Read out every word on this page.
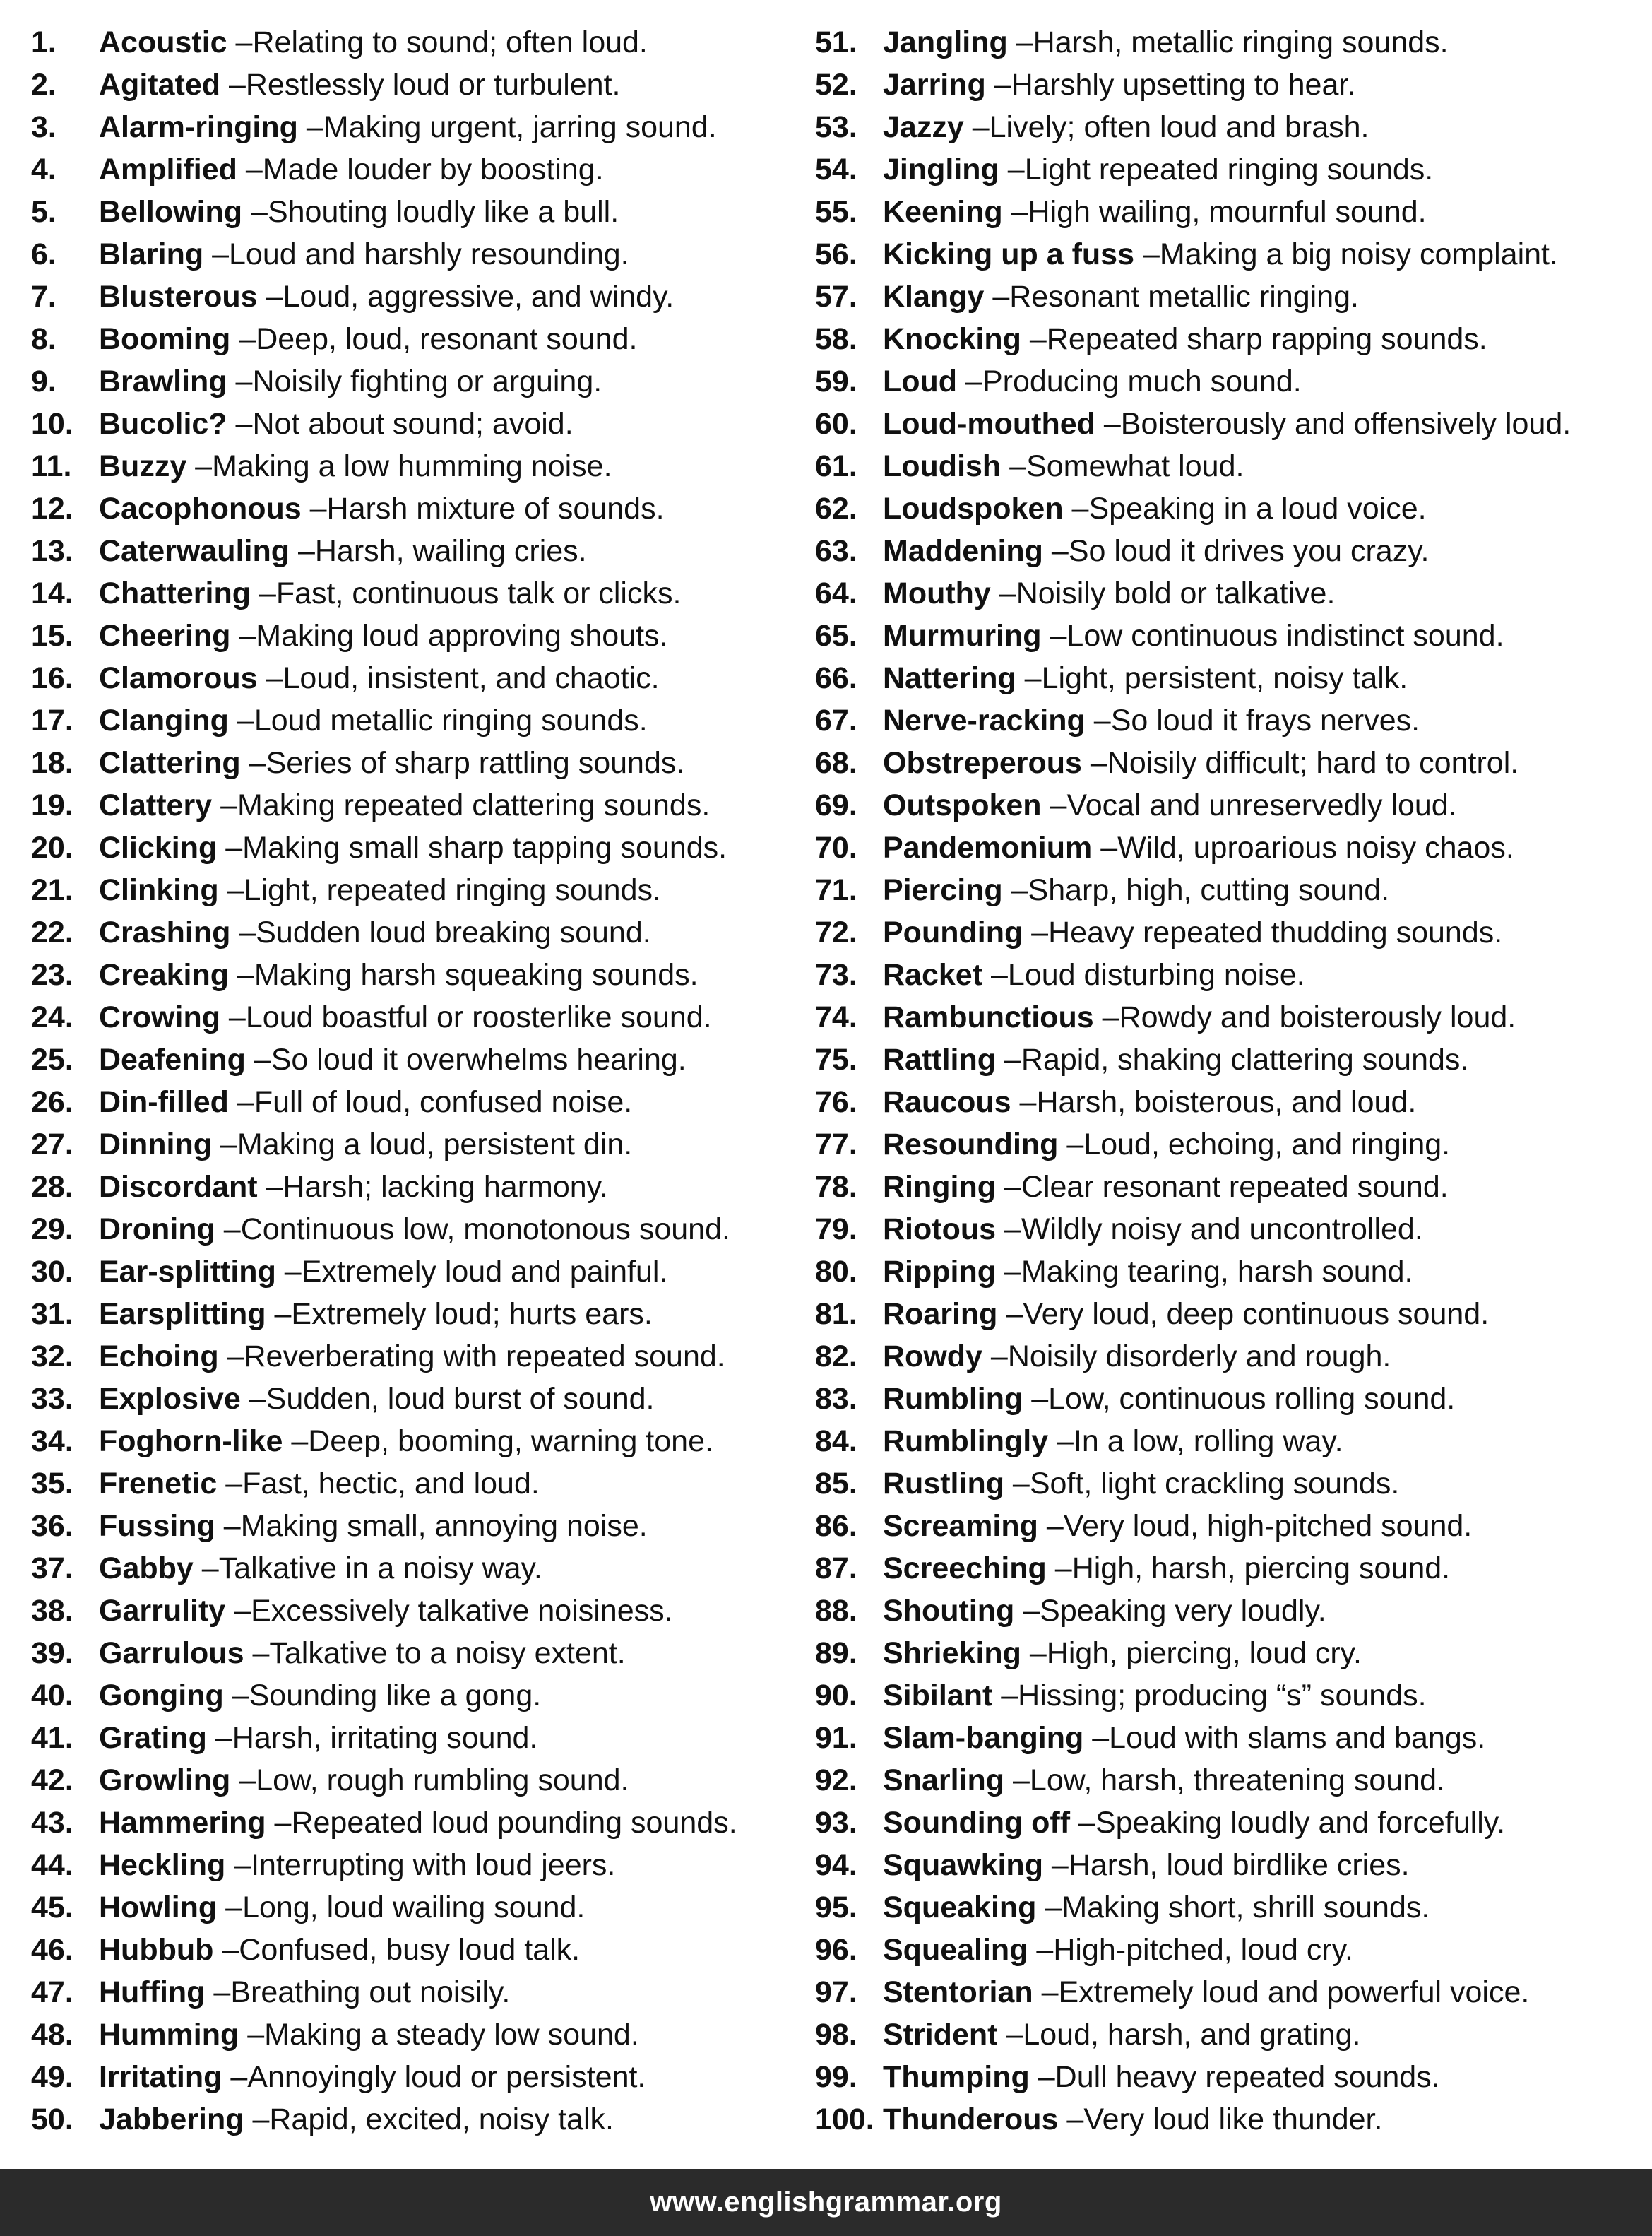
1.	Acoustic – Relating to sound; often loud.
2.	Agitated – Restlessly loud or turbulent.
3.	Alarm-ringing – Making urgent, jarring sound.
4.	Amplified – Made louder by boosting.
5.	Bellowing – Shouting loudly like a bull.
6.	Blaring – Loud and harshly resounding.
7.	Blusterous – Loud, aggressive, and windy.
8.	Booming – Deep, loud, resonant sound.
9.	Brawling – Noisily fighting or arguing.
10. Bucolic? – Not about sound; avoid.
11. Buzzy – Making a low humming noise.
12. Cacophonous – Harsh mixture of sounds.
13. Caterwauling – Harsh, wailing cries.
14. Chattering – Fast, continuous talk or clicks.
15. Cheering – Making loud approving shouts.
16. Clamorous – Loud, insistent, and chaotic.
17. Clanging – Loud metallic ringing sounds.
18. Clattering – Series of sharp rattling sounds.
19. Clattery – Making repeated clattering sounds.
20. Clicking – Making small sharp tapping sounds.
21. Clinking – Light, repeated ringing sounds.
22. Crashing – Sudden loud breaking sound.
23. Creaking – Making harsh squeaking sounds.
24. Crowing – Loud boastful or roosterlike sound.
25. Deafening – So loud it overwhelms hearing.
26. Din-filled – Full of loud, confused noise.
27. Dinning – Making a loud, persistent din.
28. Discordant – Harsh; lacking harmony.
29. Droning – Continuous low, monotonous sound.
30. Ear-splitting – Extremely loud and painful.
31. Earsplitting – Extremely loud; hurts ears.
32. Echoing – Reverberating with repeated sound.
33. Explosive – Sudden, loud burst of sound.
34. Foghorn-like – Deep, booming, warning tone.
35. Frenetic – Fast, hectic, and loud.
36. Fussing – Making small, annoying noise.
37. Gabby – Talkative in a noisy way.
38. Garrulity – Excessively talkative noisiness.
39. Garrulous – Talkative to a noisy extent.
40. Gonging – Sounding like a gong.
41. Grating – Harsh, irritating sound.
42. Growling – Low, rough rumbling sound.
43. Hammering – Repeated loud pounding sounds.
44. Heckling – Interrupting with loud jeers.
45. Howling – Long, loud wailing sound.
46. Hubbub – Confused, busy loud talk.
47. Huffing – Breathing out noisily.
48. Humming – Making a steady low sound.
49. Irritating – Annoyingly loud or persistent.
50. Jabbering – Rapid, excited, noisy talk.
51. Jangling – Harsh, metallic ringing sounds.
52. Jarring – Harshly upsetting to hear.
53. Jazzy – Lively; often loud and brash.
54. Jingling – Light repeated ringing sounds.
55. Keening – High wailing, mournful sound.
56. Kicking up a fuss – Making a big noisy complaint.
57. Klangy – Resonant metallic ringing.
58. Knocking – Repeated sharp rapping sounds.
59. Loud – Producing much sound.
60. Loud-mouthed – Boisterously and offensively loud.
61. Loudish – Somewhat loud.
62. Loudspoken – Speaking in a loud voice.
63. Maddening – So loud it drives you crazy.
64. Mouthy – Noisily bold or talkative.
65. Murmuring – Low continuous indistinct sound.
66. Nattering – Light, persistent, noisy talk.
67. Nerve-racking – So loud it frays nerves.
68. Obstreperous – Noisily difficult; hard to control.
69. Outspoken – Vocal and unreservedly loud.
70. Pandemonium – Wild, uproarious noisy chaos.
71. Piercing – Sharp, high, cutting sound.
72. Pounding – Heavy repeated thudding sounds.
73. Racket – Loud disturbing noise.
74. Rambunctious – Rowdy and boisterously loud.
75. Rattling – Rapid, shaking clattering sounds.
76. Raucous – Harsh, boisterous, and loud.
77. Resounding – Loud, echoing, and ringing.
78. Ringing – Clear resonant repeated sound.
79. Riotous – Wildly noisy and uncontrolled.
80. Ripping – Making tearing, harsh sound.
81. Roaring – Very loud, deep continuous sound.
82. Rowdy – Noisily disorderly and rough.
83. Rumbling – Low, continuous rolling sound.
84. Rumblingly – In a low, rolling way.
85. Rustling – Soft, light crackling sounds.
86. Screaming – Very loud, high-pitched sound.
87. Screeching – High, harsh, piercing sound.
88. Shouting – Speaking very loudly.
89. Shrieking – High, piercing, loud cry.
90. Sibilant – Hissing; producing “s” sounds.
91. Slam-banging – Loud with slams and bangs.
92. Snarling – Low, harsh, threatening sound.
93. Sounding off – Speaking loudly and forcefully.
94. Squawking – Harsh, loud birdlike cries.
95. Squeaking – Making short, shrill sounds.
96. Squealing – High-pitched, loud cry.
97. Stentorian – Extremely loud and powerful voice.
98. Strident – Loud, harsh, and grating.
99. Thumping – Dull heavy repeated sounds.
100. Thunderous – Very loud like thunder.
www.englishgrammar.org
